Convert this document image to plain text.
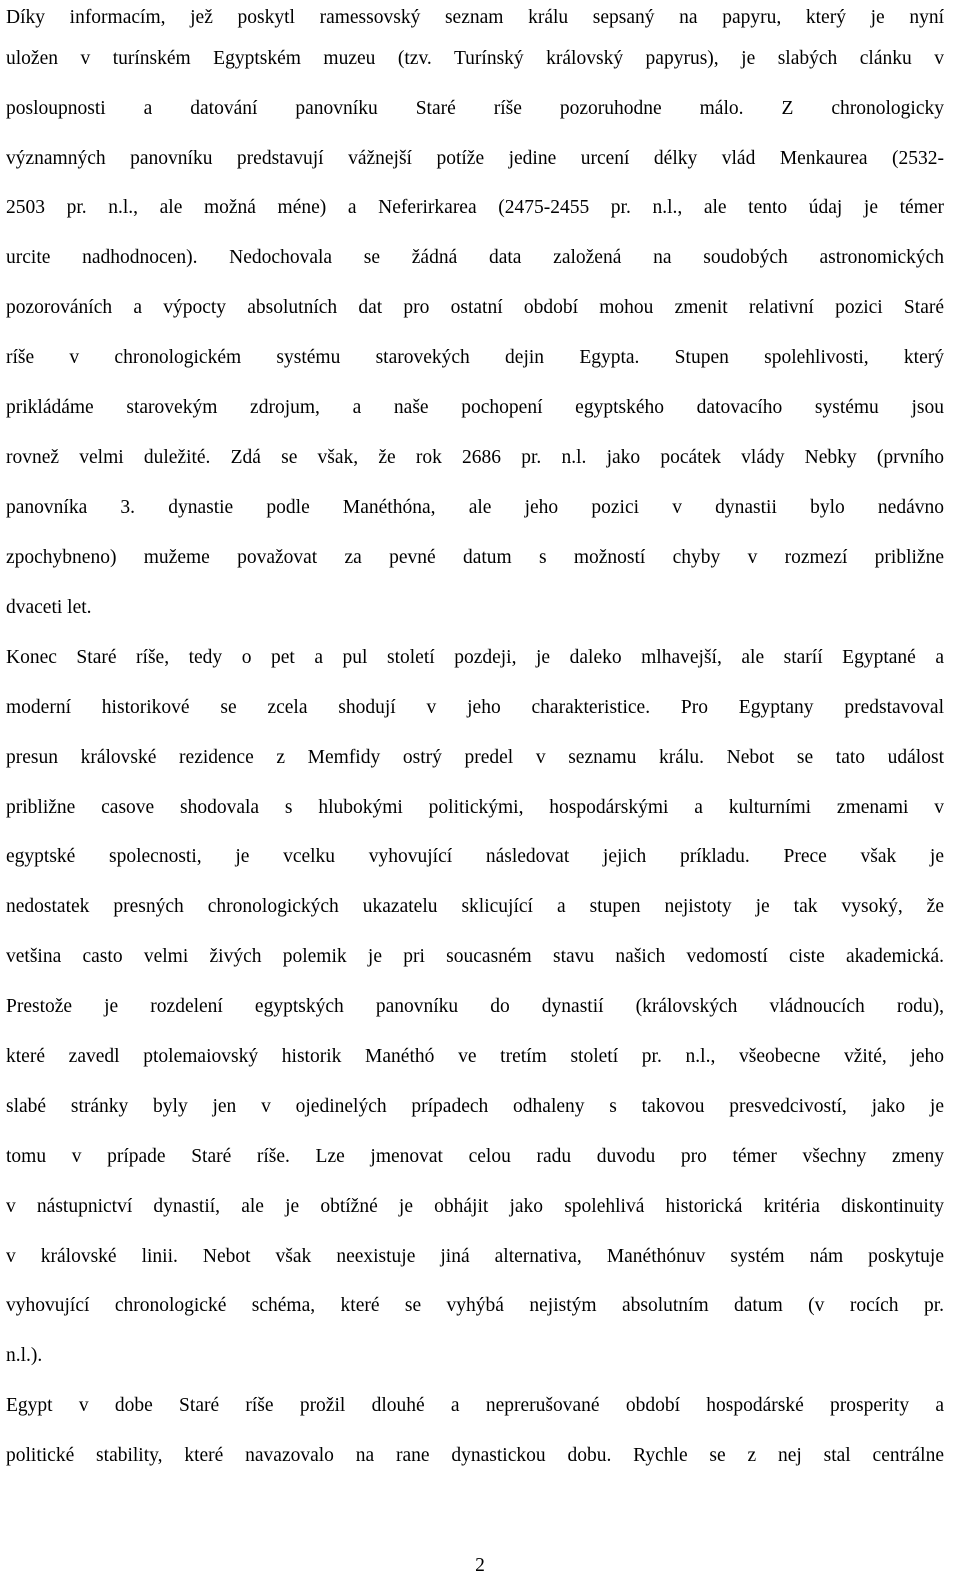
Díky informacím, jež poskytl ramessovský seznam králu sepsaný na papyru, který je nyní
uložen v turínském Egyptském muzeu (tzv. Turínský královský papyrus), je slabých clánku v
posloupnosti a datování panovníku Staré ríše pozoruhodne málo. Z chronologicky
významných panovníku predstavují vážnejší potíže jedine urcení délky vlád Menkaurea (2532-
2503 pr. n.l., ale možná méne) a Neferirkarea (2475-2455 pr. n.l., ale tento údaj je témer
urcite nadhodnocen). Nedochovala se žádná data založená na soudobých astronomických
pozorováních a výpocty absolutních dat pro ostatní období mohou zmenit relativní pozici Staré
ríše v chronologickém systému starovekých dejin Egypta. Stupen spolehlivosti, který
prikládáme starovekým zdrojum, a naše pochopení egyptského datovacího systému jsou
rovnež velmi duležité. Zdá se však, že rok 2686 pr. n.l. jako pocátek vlády Nebky (prvního
panovníka 3. dynastie podle Manéthóna, ale jeho pozici v dynastii bylo nedávno
zpochybneno) mužeme považovat za pevné datum s možností chyby v rozmezí približne
dvaceti let.
Konec Staré ríše, tedy o pet a pul století pozdeji, je daleko mlhavejší, ale staríí Egyptané a
moderní historikové se zcela shodují v jeho charakteristice. Pro Egyptany predstavoval
presun královské rezidence z Memfidy ostrý predel v seznamu králu. Nebot se tato událost
približne casove shodovala s hlubokými politickými, hospodárskými a kulturními zmenami v
egyptské spolecnosti, je vcelku vyhovující následovat jejich príkladu. Prece však je
nedostatek presných chronologických ukazatelu sklicující a stupen nejistoty je tak vysoký, že
vetšina casto velmi živých polemik je pri soucasném stavu našich vedomostí ciste akademická.
Prestože je rozdelení egyptských panovníku do dynastií (královských vládnoucích rodu),
které zavedl ptolemaiovský historik Manéthó ve tretím století pr. n.l., všeobecne vžité, jeho
slabé stránky byly jen v ojedinelých prípadech odhaleny s takovou presvedcivostí, jako je
tomu v prípade Staré ríše. Lze jmenovat celou radu duvodu pro témer všechny zmeny
v nástupnictví dynastií, ale je obtížné je obhájit jako spolehlivá historická kritéria diskontinuity
v královské linii. Nebot však neexistuje jiná alternativa, Manéthónuv systém nám poskytuje
vyhovující chronologické schéma, které se vyhýbá nejistým absolutním datum (v rocích pr.
n.l.).
Egypt v dobe Staré ríše prožil dlouhé a neprerušované období hospodárské prosperity a
politické stability, které navazovalo na rane dynastickou dobu. Rychle se z nej stal centrálne
2
